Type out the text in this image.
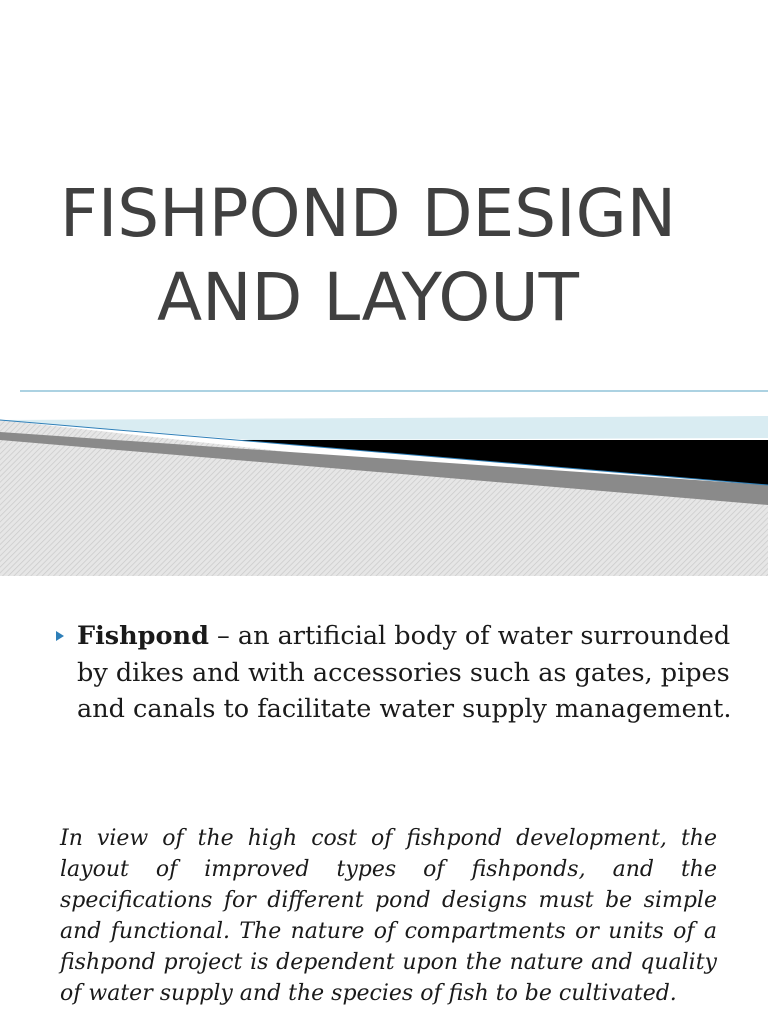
FISHPOND DESIGN
AND LAYOUT

Fishpond – an artificial body of water surrounded by dikes and with accessories such as gates, pipes and canals to facilitate water supply management.

In view of the high cost of fishpond development, the layout of improved types of fishponds, and the specifications for different pond designs must be simple and functional. The nature of compartments or units of a fishpond project is dependent upon the nature and quality of water supply and the species of fish to be cultivated.
